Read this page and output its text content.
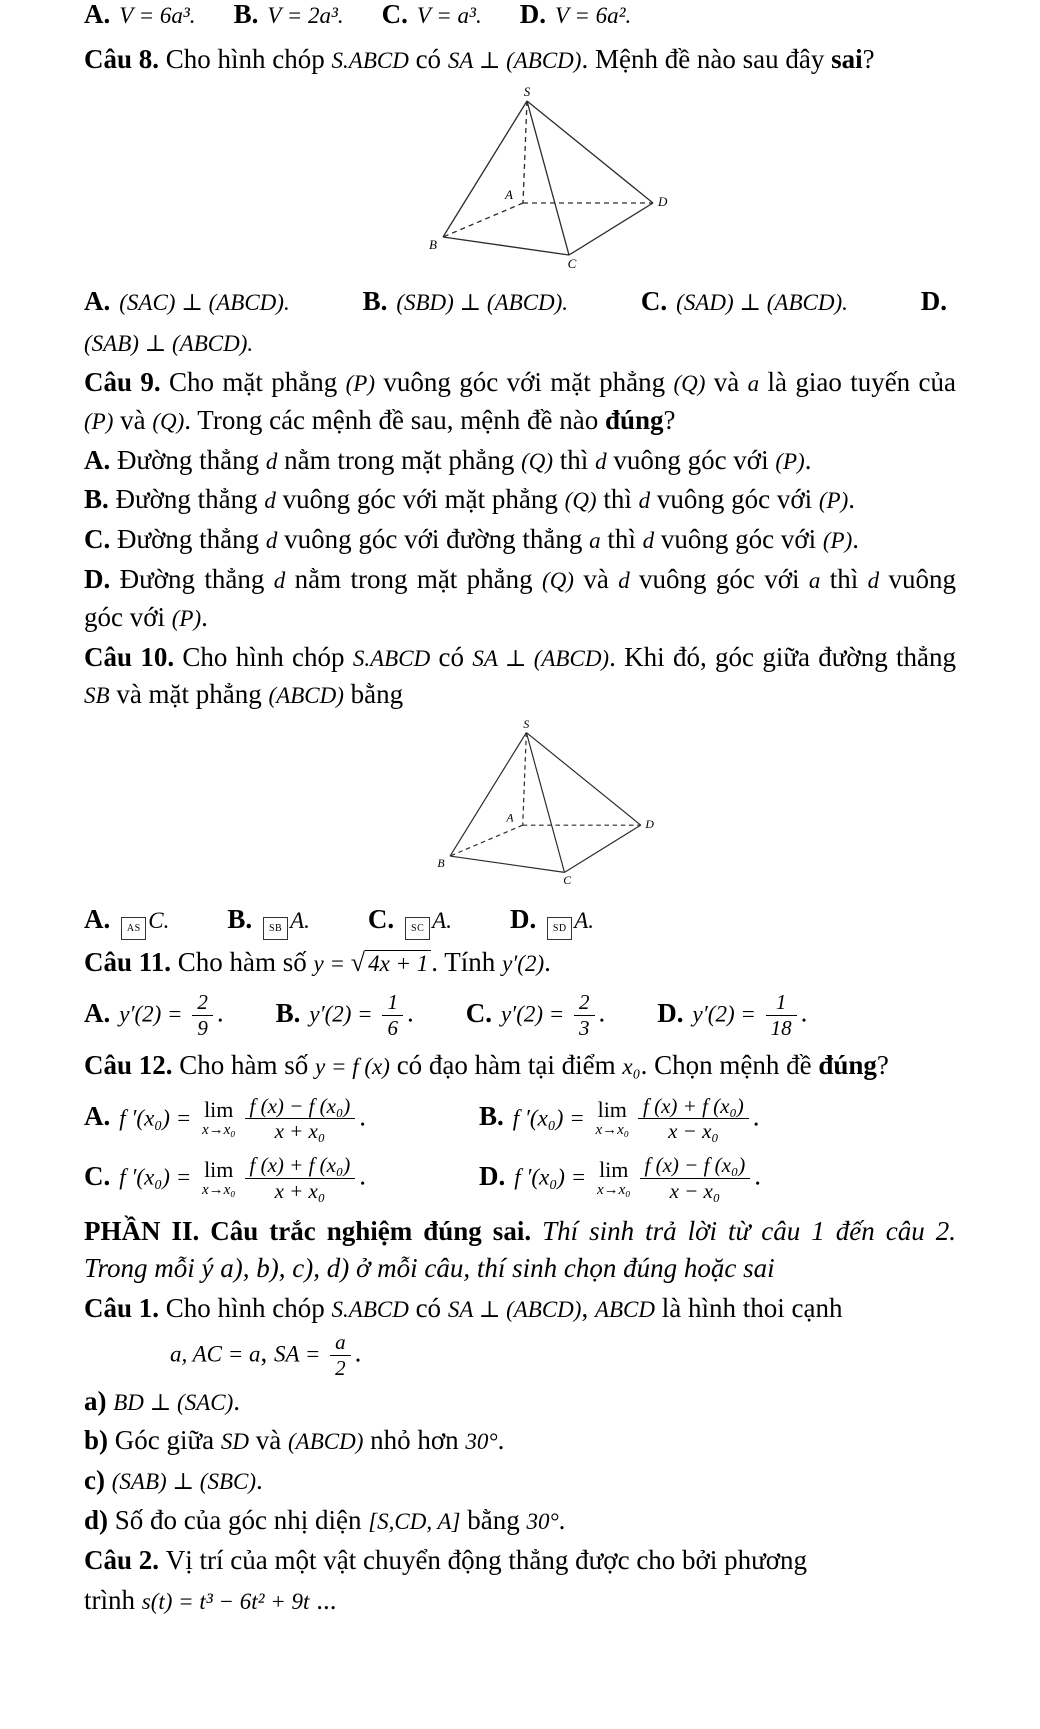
A. V = 6a³. B. V = 2a³. C. V = a³. D. V = 6a².

Câu 8. Cho hình chóp S.ABCD có SA ⊥ (ABCD). Mệnh đề nào sau đây sai?

S
A
B
C
D
A. (SAC) ⊥ (ABCD).	B. (SBD) ⊥ (ABCD).	C. (SAD) ⊥ (ABCD).	D.

(SAB) ⊥ (ABCD).

Câu 9. Cho mặt phẳng (P) vuông góc với mặt phẳng (Q) và a là giao tuyến của (P) và (Q). Trong các mệnh đề sau, mệnh đề nào đúng?

A. Đường thẳng d nằm trong mặt phẳng (Q) thì d vuông góc với (P).

B. Đường thẳng d vuông góc với mặt phẳng (Q) thì d vuông góc với (P).

C. Đường thẳng d vuông góc với đường thẳng a thì d vuông góc với (P).

D. Đường thẳng d nằm trong mặt phẳng (Q) và d vuông góc với a thì d vuông góc với (P).

Câu 10. Cho hình chóp S.ABCD có SA ⊥ (ABCD). Khi đó, góc giữa đường thẳng SB và mặt phẳng (ABCD) bằng

S
A
B
C
D
A. AS C. B. SB A. C. SC A. D. SD A.

Câu 11. Cho hàm số y = √ 4x + 1 . Tính y′(2).

A. $y'(2) = \frac{2}{9}$ . B. $y'(2) = \frac{1}{6}$ . C. $y'(2) = \frac{2}{3}$ . D. $y'(2) = \frac{1}{18}$ .

Câu 12. Cho hàm số y = f (x) có đạo hàm tại điểm x₀. Chọn mệnh đề đúng?

A. f ′(x₀) = lim
$x\to x_0 \frac{\text{f (x) − f (x₀)}}{\text{x + x₀}}$ .	B. f ′(x₀) = lim
$x\to x_0 \frac{\text{f (x) + f (x₀)}}{\text{x − x₀}}$ .
C. f ′(x₀) = lim
$x\to x_0 \frac{\text{f (x) + f (x₀)}}{\text{x + x₀}}$ .	D. f ′(x₀) = lim
$x\to x_0 \frac{\text{f (x) − f (x₀)}}{\text{x − x₀}}$ .

PHẦN II. Câu trắc nghiệm đúng sai. Thí sinh trả lời từ câu 1 đến câu 2. Trong mỗi ý a), b), c), d) ở mỗi câu, thí sinh chọn đúng hoặc sai

Câu 1. Cho hình chóp S.ABCD có SA ⊥ (ABCD), ABCD là hình thoi cạnh

a, AC = a, SA = $\frac{a}{2}$ .

a) BD ⊥ (SAC).

b) Góc giữa SD và (ABCD) nhỏ hơn 30°.

c) (SAB) ⊥ (SBC).

d) Số đo của góc nhị diện [S,CD, A] bằng 30°.

Câu 2. Vị trí của một vật chuyển động thẳng được cho bởi phương

trình s(t) = t³ − 6t² + 9t ...
